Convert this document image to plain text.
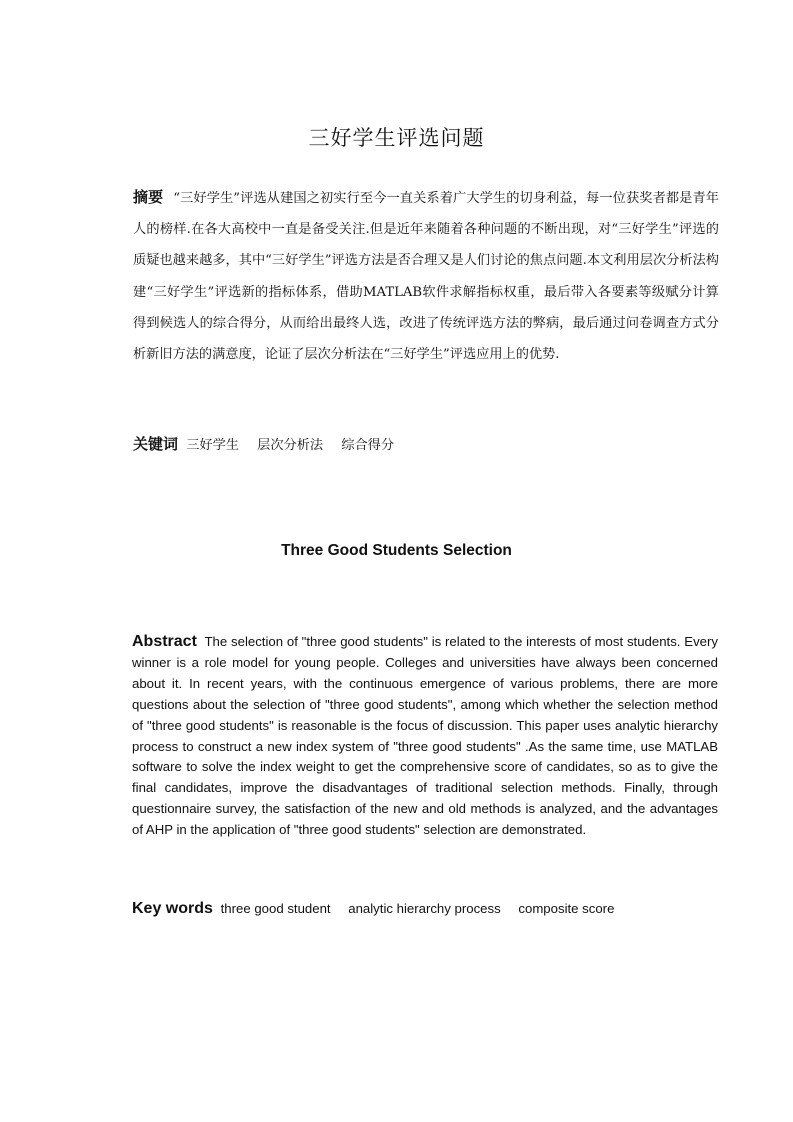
三好学生评选问题
摘要 “三好学生”评选从建国之初实行至今一直关系着广大学生的切身利益，每一位获奖者都是青年人的榜样.在各大高校中一直是备受关注.但是近年来随着各种问题的不断出现，对“三好学生”评选的质疑也越来越多，其中“三好学生”评选方法是否合理又是人们讨论的焦点问题.本文利用层次分析法构建“三好学生”评选新的指标体系，借助MATLAB软件求解指标权重，最后带入各要素等级赋分计算得到候选人的综合得分，从而给出最终人选，改进了传统评选方法的弊病，最后通过问卷调查方式分析新旧方法的满意度，论证了层次分析法在“三好学生”评选应用上的优势.
关键词 三好学生 层次分析法 综合得分
Three Good Students Selection
Abstract The selection of "three good students" is related to the interests of most students. Every winner is a role model for young people. Colleges and universities have always been concerned about it. In recent years, with the continuous emergence of various problems, there are more questions about the selection of "three good students", among which whether the selection method of "three good students" is reasonable is the focus of discussion. This paper uses analytic hierarchy process to construct a new index system of "three good students" .As the same time, use MATLAB software to solve the index weight to get the comprehensive score of candidates, so as to give the final candidates, improve the disadvantages of traditional selection methods. Finally, through questionnaire survey, the satisfaction of the new and old methods is analyzed, and the advantages of AHP in the application of "three good students" selection are demonstrated.
Key words three good student analytic hierarchy process composite score
